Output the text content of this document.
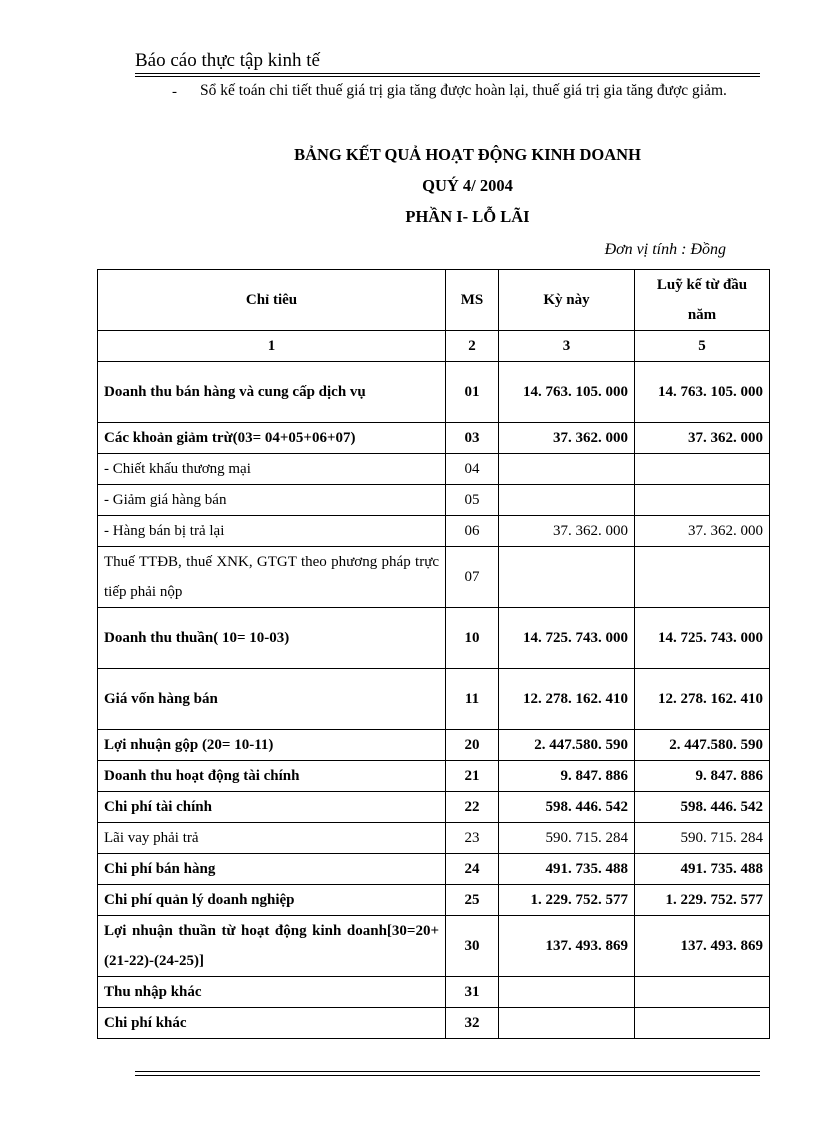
Báo cáo thực tập kinh tế
- Sổ kế toán chi tiết thuế giá trị gia tăng được hoàn lại, thuế giá trị gia tăng được giảm.
BẢNG KẾT QUẢ HOẠT ĐỘNG KINH DOANH
QUÝ 4/ 2004
PHẦN I- LỖ LÃI
Đơn vị tính : Đồng
Chỉ tiêu	MS	Kỳ này	Luỹ kế từ đầu năm
1	2	3	5
Doanh thu bán hàng và cung cấp dịch vụ	01	14. 763. 105. 000	14. 763. 105. 000
Các khoản giảm trừ(03= 04+05+06+07)	03	37. 362. 000	37. 362. 000
- Chiết khấu thương mại	04		
- Giảm giá hàng bán	05		
- Hàng bán bị trả lại	06	37. 362. 000	37. 362. 000
Thuế TTĐB, thuế XNK, GTGT theo phương pháp trực tiếp phải nộp	07		
Doanh thu thuần( 10= 10-03)	10	14. 725. 743. 000	14. 725. 743. 000
Giá vốn hàng bán	11	12. 278. 162. 410	12. 278. 162. 410
Lợi nhuận gộp (20= 10-11)	20	2. 447.580. 590	2. 447.580. 590
Doanh thu hoạt động tài chính	21	9. 847. 886	9. 847. 886
Chi phí tài chính	22	598. 446. 542	598. 446. 542
Lãi vay phải trả	23	590. 715. 284	590. 715. 284
Chi phí bán hàng	24	491. 735. 488	491. 735. 488
Chi phí quản lý doanh nghiệp	25	1. 229. 752. 577	1. 229. 752. 577
Lợi nhuận thuần từ hoạt động kinh doanh[30=20+(21-22)-(24-25)]	30	137. 493. 869	137. 493. 869
Thu nhập khác	31		
Chi phí khác	32		
